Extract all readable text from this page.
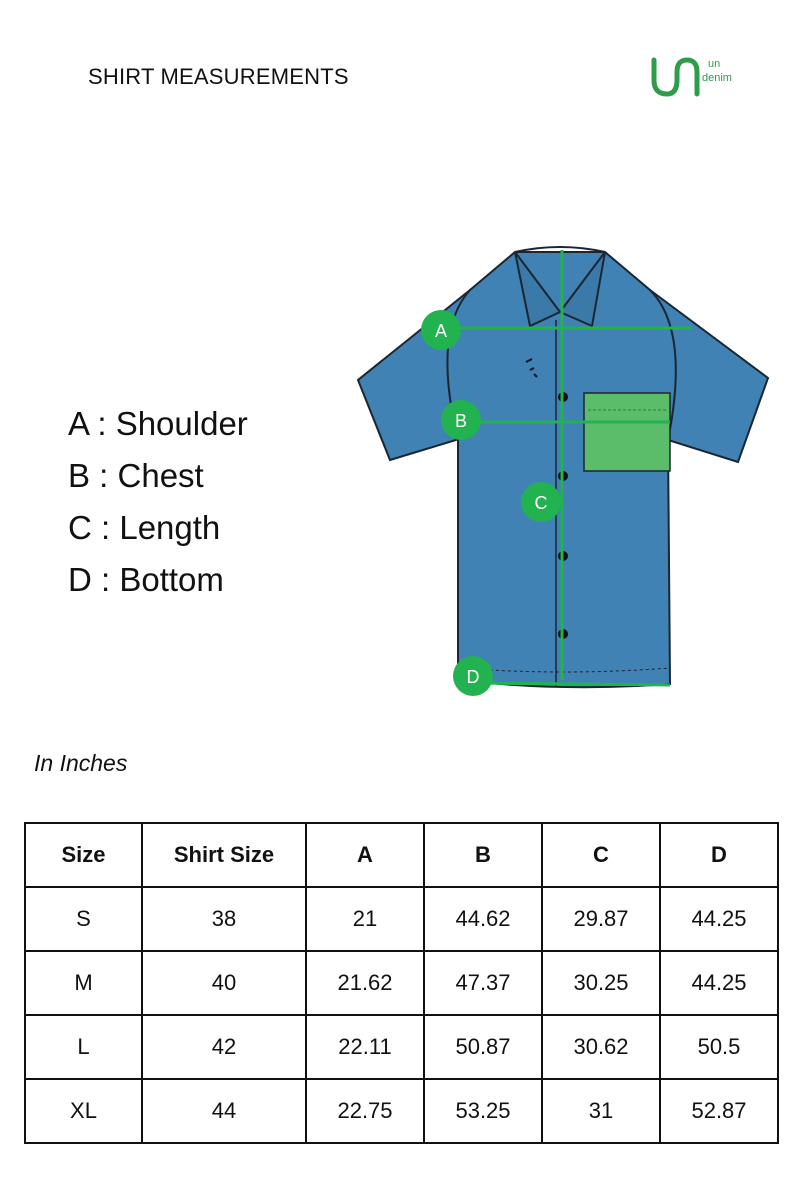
SHIRT MEASUREMENTS	un
denim
A : Shoulder
B : Chest
C : Length
D : Bottom
A
B
C
D
In Inches
Size	Shirt Size	A	B	C	D
S	38	21	44.62	29.87	44.25
M	40	21.62	47.37	30.25	44.25
L	42	22.11	50.87	30.62	50.5
XL	44	22.75	53.25	31	52.87
